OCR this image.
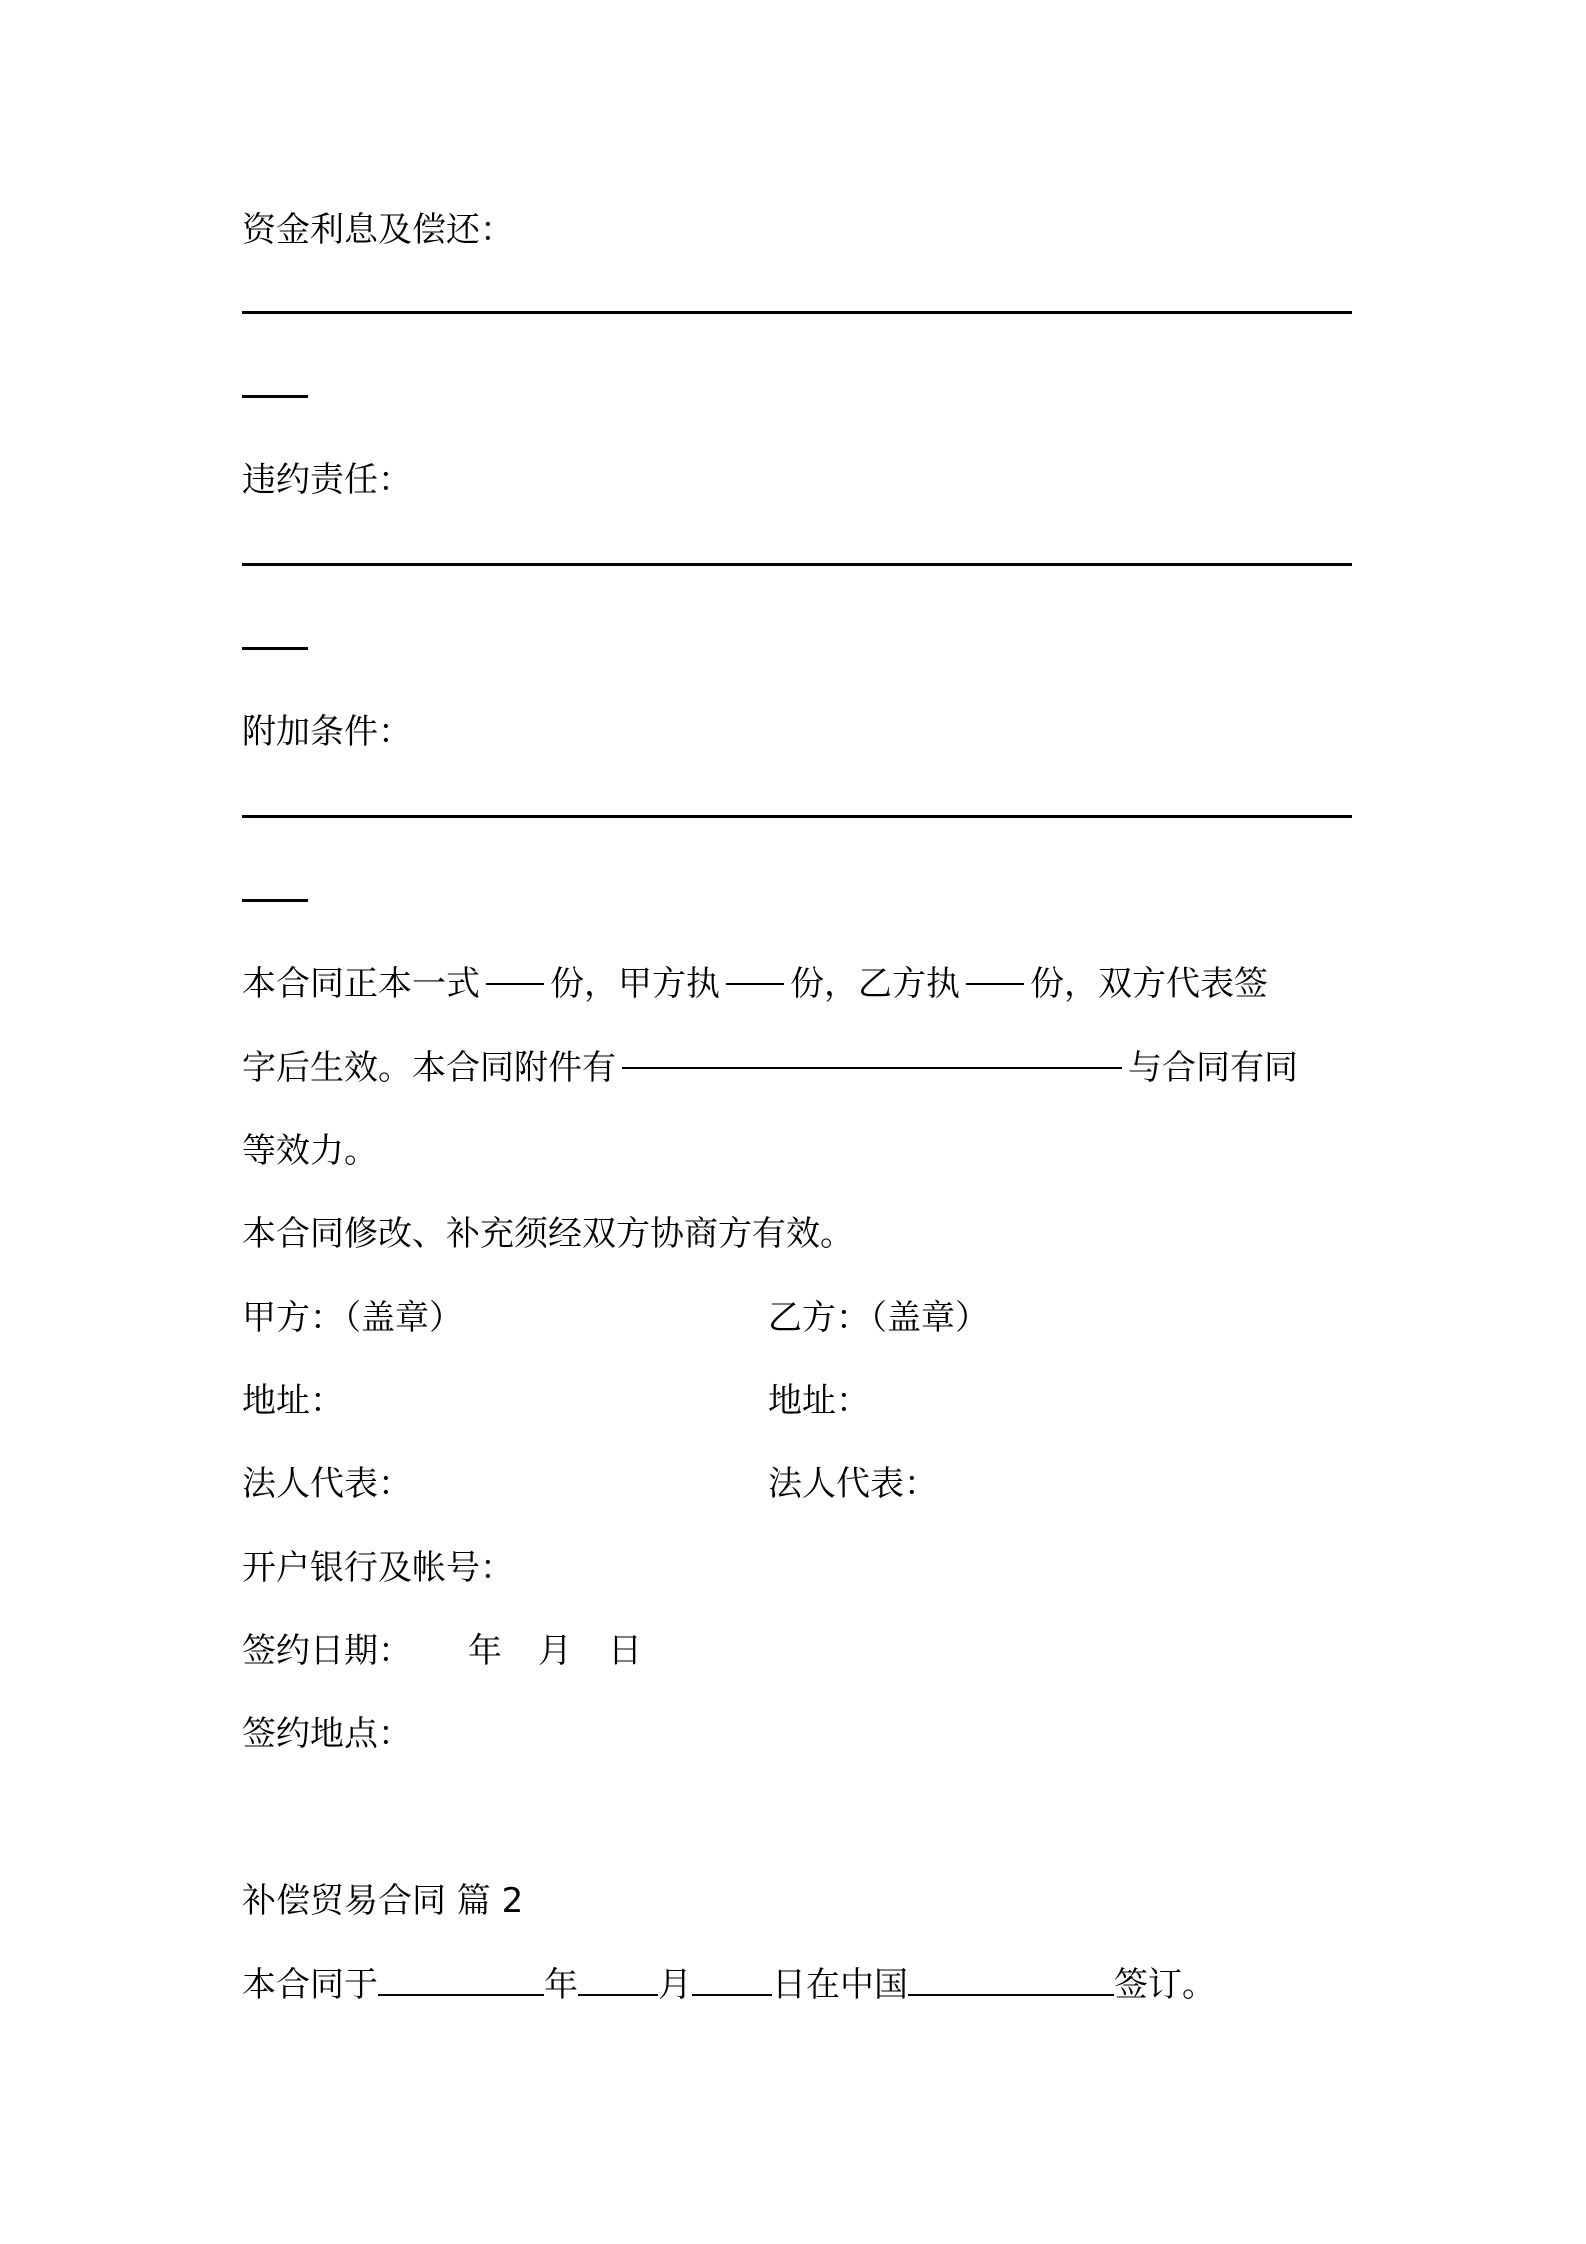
资金利息及偿还：
违约责任：
附加条件：
本合同正本一式 份，甲方执 份，乙方执 份，双方代表签
字后生效。本合同附件有	与合同有同
等效力。
本合同修改、补充须经双方协商方有效。
甲方：（盖章）	乙方：（盖章）
地址：	地址：
法人代表：	法人代表：
开户银行及帐号：
签约日期： 年 月 日
签约地点：
补偿贸易合同 篇 2
本合同于	年 月 日在中国	签订。
